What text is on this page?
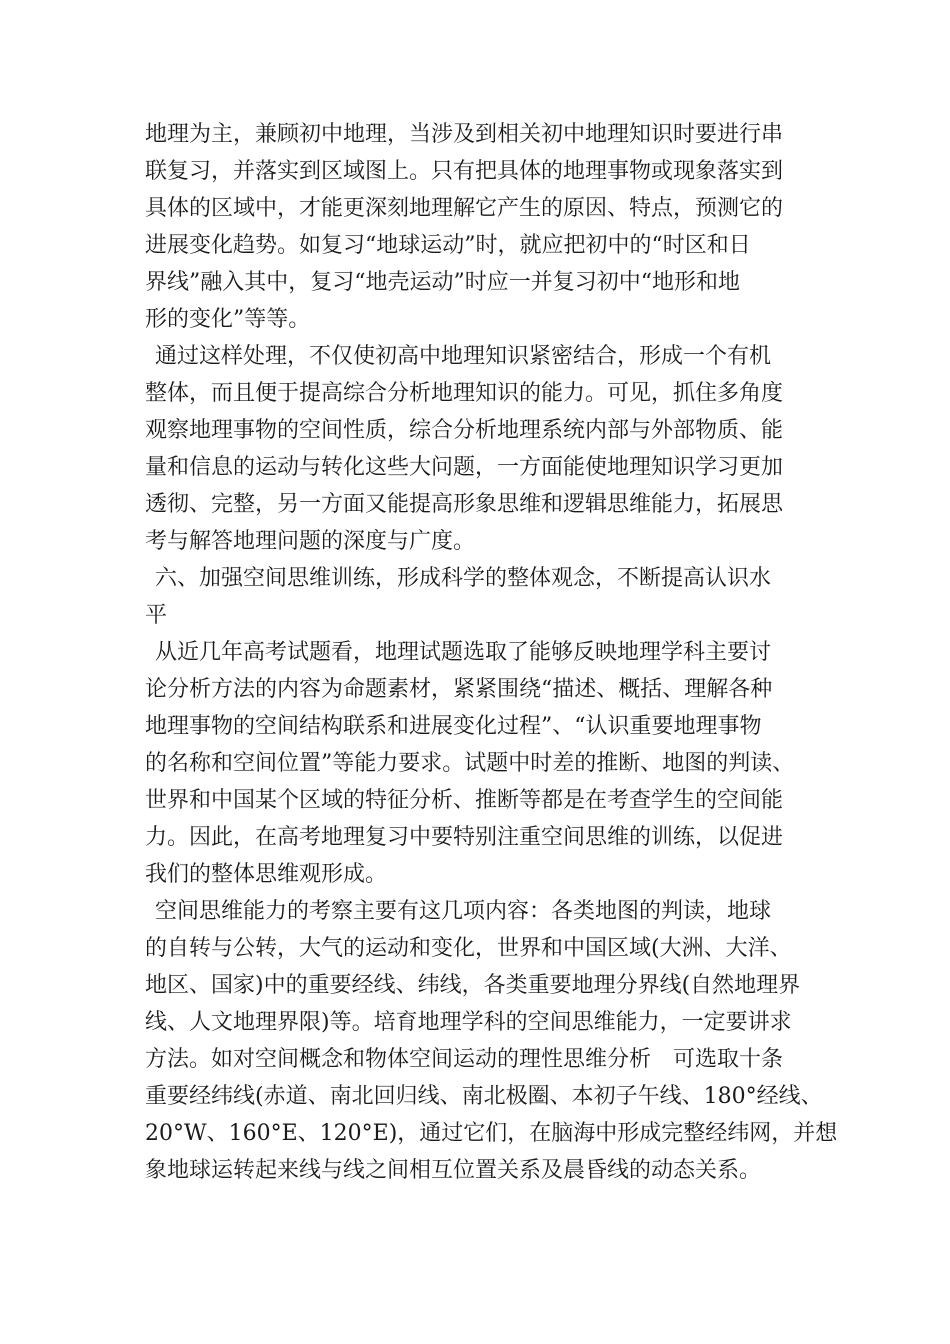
地理为主，兼顾初中地理，当涉及到相关初中地理知识时要进行串
联复习，并落实到区域图上。只有把具体的地理事物或现象落实到
具体的区域中，才能更深刻地理解它产生的原因、特点，预测它的
进展变化趋势。如复习“地球运动”时，就应把初中的“时区和日
界线”融入其中，复习“地壳运动”时应一并复习初中“地形和地
形的变化”等等。
通过这样处理，不仅使初高中地理知识紧密结合，形成一个有机
整体，而且便于提高综合分析地理知识的能力。可见，抓住多角度
观察地理事物的空间性质，综合分析地理系统内部与外部物质、能
量和信息的运动与转化这些大问题，一方面能使地理知识学习更加
透彻、完整，另一方面又能提高形象思维和逻辑思维能力，拓展思
考与解答地理问题的深度与广度。
六、加强空间思维训练，形成科学的整体观念，不断提高认识水
平
从近几年高考试题看，地理试题选取了能够反映地理学科主要讨
论分析方法的内容为命题素材，紧紧围绕“描述、概括、理解各种
地理事物的空间结构联系和进展变化过程”、“认识重要地理事物
的名称和空间位置”等能力要求。试题中时差的推断、地图的判读、
世界和中国某个区域的特征分析、推断等都是在考查学生的空间能
力。因此，在高考地理复习中要特别注重空间思维的训练，以促进
我们的整体思维观形成。
空间思维能力的考察主要有这几项内容：各类地图的判读，地球
的自转与公转，大气的运动和变化，世界和中国区域(大洲、大洋、
地区、国家)中的重要经线、纬线，各类重要地理分界线(自然地理界
线、人文地理界限)等。培育地理学科的空间思维能力，一定要讲求
方法。如对空间概念和物体空间运动的理性思维分析　可选取十条
重要经纬线(赤道、南北回归线、南北极圈、本初子午线、180°经线、
20°W、160°E、120°E)，通过它们，在脑海中形成完整经纬网，并想
象地球运转起来线与线之间相互位置关系及晨昏线的动态关系。
